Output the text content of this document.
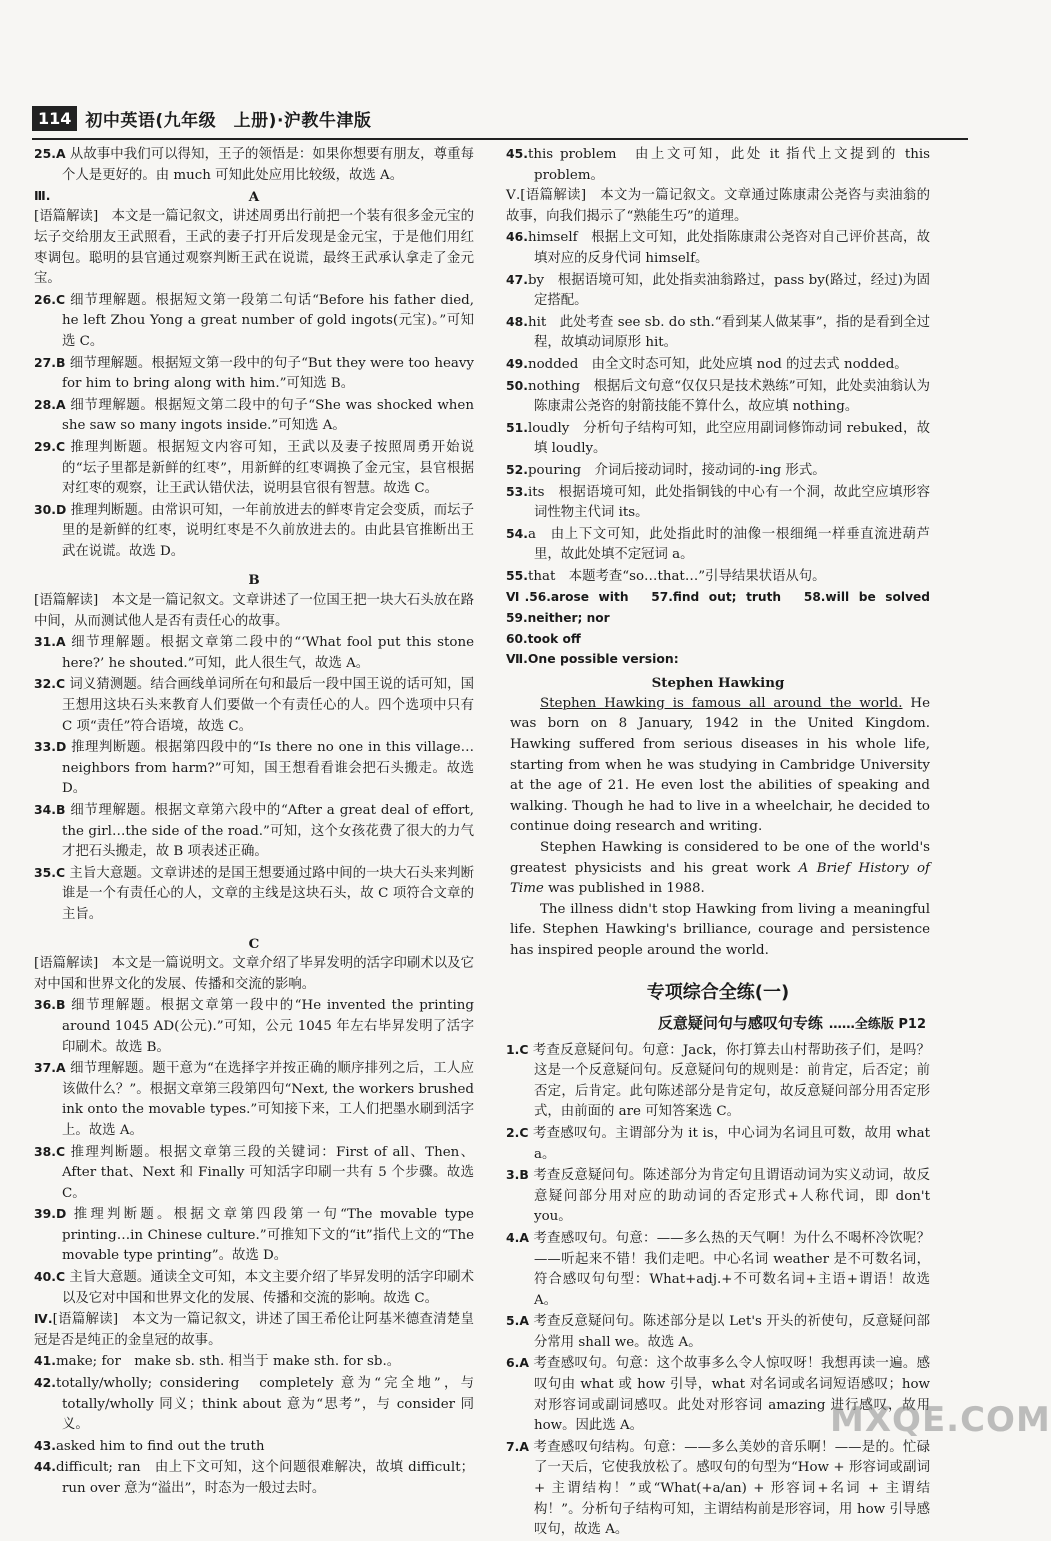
114 初中英语(九年级　上册)·沪教牛津版

25.A 从故事中我们可以得知，王子的领悟是：如果你想要有朋友，尊重每个人是更好的。由 much 可知此处应用比较级，故选 A。

Ⅲ.	A

[语篇解读]　本文是一篇记叙文，讲述周勇出行前把一个装有很多金元宝的坛子交给朋友王武照看，王武的妻子打开后发现是金元宝，于是他们用红枣调包。聪明的县官通过观察判断王武在说谎，最终王武承认拿走了金元宝。

26.C 细节理解题。根据短文第一段第二句话“Before his father died, he left Zhou Yong a great number of gold ingots(元宝)。”可知选 C。

27.B 细节理解题。根据短文第一段中的句子“But they were too heavy for him to bring along with him.”可知选 B。

28.A 细节理解题。根据短文第二段中的句子“She was shocked when she saw so many ingots inside.”可知选 A。

29.C 推理判断题。根据短文内容可知，王武以及妻子按照周勇开始说的“坛子里都是新鲜的红枣”，用新鲜的红枣调换了金元宝，县官根据对红枣的观察，让王武认错伏法，说明县官很有智慧。故选 C。

30.D 推理判断题。由常识可知，一年前放进去的鲜枣肯定会变质，而坛子里的是新鲜的红枣，说明红枣是不久前放进去的。由此县官推断出王武在说谎。故选 D。

B

[语篇解读]　本文是一篇记叙文。文章讲述了一位国王把一块大石头放在路中间，从而测试他人是否有责任心的故事。

31.A 细节理解题。根据文章第二段中的“‘What fool put this stone here?’ he shouted.”可知，此人很生气，故选 A。

32.C 词义猜测题。结合画线单词所在句和最后一段中国王说的话可知，国王想用这块石头来教育人们要做一个有责任心的人。四个选项中只有 C 项“责任”符合语境，故选 C。

33.D 推理判断题。根据第四段中的“Is there no one in this village…neighbors from harm?”可知，国王想看看谁会把石头搬走。故选 D。

34.B 细节理解题。根据文章第六段中的“After a great deal of effort, the girl…the side of the road.”可知，这个女孩花费了很大的力气才把石头搬走，故 B 项表述正确。

35.C 主旨大意题。文章讲述的是国王想要通过路中间的一块大石头来判断谁是一个有责任心的人，文章的主线是这块石头，故 C 项符合文章的主旨。

C

[语篇解读]　本文是一篇说明文。文章介绍了毕昇发明的活字印刷术以及它对中国和世界文化的发展、传播和交流的影响。

36.B 细节理解题。根据文章第一段中的“He invented the printing around 1045 AD(公元).”可知，公元 1045 年左右毕昇发明了活字印刷术。故选 B。

37.A 细节理解题。题干意为“在选择字并按正确的顺序排列之后，工人应该做什么？”。根据文章第三段第四句“Next, the workers brushed ink onto the movable types.”可知接下来，工人们把墨水刷到活字上。故选 A。

38.C 推理判断题。根据文章第三段的关键词：First of all、Then、After that、Next 和 Finally 可知活字印刷一共有 5 个步骤。故选 C。

39.D 推理判断题。根据文章第四段第一句“The movable type printing…in Chinese culture.”可推知下文的“it”指代上文的“The movable type printing”。故选 D。

40.C 主旨大意题。通读全文可知，本文主要介绍了毕昇发明的活字印刷术以及它对中国和世界文化的发展、传播和交流的影响。故选 C。

Ⅳ.[语篇解读]　本文为一篇记叙文，讲述了国王希伦让阿基米德查清楚皇冠是否是纯正的金皇冠的故事。

41.make; for　make sb. sth. 相当于 make sth. for sb.。

42.totally/wholly; considering　completely 意为“完全地”，与 totally/wholly 同义；think about 意为“思考”，与 consider 同义。

43.asked him to find out the truth

44.difficult; ran　由上下文可知，这个问题很难解决，故填 difficult；run over 意为“溢出”，时态为一般过去时。

45.this problem　由上文可知，此处 it 指代上文提到的 this problem。

Ⅴ.[语篇解读]　本文为一篇记叙文。文章通过陈康肃公尧咨与卖油翁的故事，向我们揭示了“熟能生巧”的道理。

46.himself　根据上文可知，此处指陈康肃公尧咨对自己评价甚高，故填对应的反身代词 himself。

47.by　根据语境可知，此处指卖油翁路过，pass by(路过，经过)为固定搭配。

48.hit　此处考查 see sb. do sth.“看到某人做某事”，指的是看到全过程，故填动词原形 hit。

49.nodded　由全文时态可知，此处应填 nod 的过去式 nodded。

50.nothing　根据后文句意“仅仅只是技术熟练”可知，此处卖油翁认为陈康肃公尧咨的射箭技能不算什么，故应填 nothing。

51.loudly　分析句子结构可知，此空应用副词修饰动词 rebuked，故填 loudly。

52.pouring　介词后接动词时，接动词的-ing 形式。

53.its　根据语境可知，此处指铜钱的中心有一个洞，故此空应填形容词性物主代词 its。

54.a　由上下文可知，此处指此时的油像一根细绳一样垂直流进葫芦里，故此处填不定冠词 a。

55.that　本题考查“so…that…”引导结果状语从句。

Ⅵ.56.arose with　57.find out; truth　58.will be solved　59.neither; nor

60.took off

Ⅶ.One possible version:

Stephen Hawking

Stephen Hawking is famous all around the world. He was born on 8 January, 1942 in the United Kingdom. Hawking suffered from serious diseases in his whole life, starting from when he was studying in Cambridge University at the age of 21. He even lost the abilities of speaking and walking. Though he had to live in a wheelchair, he decided to continue doing research and writing.

Stephen Hawking is considered to be one of the world's greatest physicists and his great work A Brief History of Time was published in 1988.

The illness didn't stop Hawking from living a meaningful life. Stephen Hawking's brilliance, courage and persistence has inspired people around the world.

专项综合全练(一)
反意疑问句与感叹句专练 ……全练版 P12

1.C 考查反意疑问句。句意：Jack，你打算去山村帮助孩子们，是吗？这是一个反意疑问句。反意疑问句的规则是：前肯定，后否定；前否定，后肯定。此句陈述部分是肯定句，故反意疑问部分用否定形式，由前面的 are 可知答案选 C。

2.C 考查感叹句。主谓部分为 it is，中心词为名词且可数，故用 what a。

3.B 考查反意疑问句。陈述部分为肯定句且谓语动词为实义动词，故反意疑问部分用对应的助动词的否定形式+人称代词，即 don't you。

4.A 考查感叹句。句意：——多么热的天气啊！为什么不喝杯冷饮呢？——听起来不错！我们走吧。中心名词 weather 是不可数名词，符合感叹句句型：What+adj.+不可数名词+主语+谓语！故选 A。

5.A 考查反意疑问句。陈述部分是以 Let's 开头的祈使句，反意疑问部分常用 shall we。故选 A。

6.A 考查感叹句。句意：这个故事多么令人惊叹呀！我想再读一遍。感叹句由 what 或 how 引导，what 对名词或名词短语感叹；how 对形容词或副词感叹。此处对形容词 amazing 进行感叹，故用 how。因此选 A。

7.A 考查感叹句结构。句意：——多么美妙的音乐啊！——是的。忙碌了一天后，它使我放松了。感叹句的句型为“How + 形容词或副词 + 主谓结构！”或“What(+a/an) + 形容词+名词 + 主谓结构！”。分析句子结构可知，主谓结构前是形容词，用 how 引导感叹句，故选 A。

MXQE.COM
